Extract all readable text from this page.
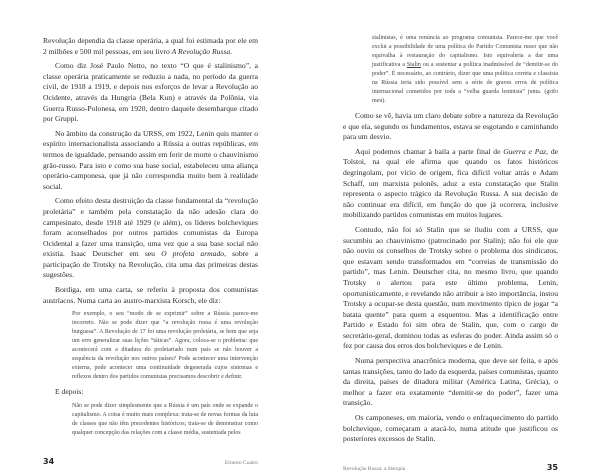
Revolução dependia da classe operária, a qual foi estimada por ele em 2 milhões e 500 mil pessoas, em seu livro A Revolução Russa.

Como diz José Paulo Netto, no texto “O que é stalinismo”, a classe operária praticamente se reduziu a nada, no período da guerra civil, de 1918 a 1919, e depois nos esforços de levar a Revolução ao Ocidente, através da Hungria (Bela Kun) e através da Polônia, via Guerra Russo-Polonesa, em 1920, dentro daquele desembarque citado por Gruppi.

No âmbito da construção da URSS, em 1922, Lenin quis manter o espírito internacionalista associando a Rússia a outras repúblicas, em termos de igualdade, pensando assim em ferir de morte o chauvinismo grão-russo. Para isto e como sua base social, estabeleceu uma aliança operário-camponesa, que já não correspondia muito bem à realidade social.

Como efeito desta destruição da classe fundamental da “revolução proletária” e também pela constatação da não adesão clara do campesinato, desde 1918 até 1929 (e além), os líderes bolcheviques foram aconselhados por outros partidos comunistas da Europa Ocidental a fazer uma transição, uma vez que a sua base social não existia. Isaac Deutscher em seu O profeta armado, sobre a participação de Trotsky na Revolução, cita uma das primeiras destas sugestões.

Bordiga, em uma carta, se referiu à proposta dos comunistas austríacos. Numa carta ao austro-marxista Korsch, ele diz:

Por exemplo, o seu “modo de se exprimir” sobre a Rússia parece-me incorreto. Não se pode dizer que “a revolução russa é uma revolução burguesa”. A Revolução de 17 foi uma revolução proletária, se bem que seja um erro generalizar suas lições “táticas”. Agora, coloca-se o problema: que acontecerá com a ditadura do proletariado num país se não houver a sequência da revolução nos outros países? Pode acontecer uma intervenção externa, pode acontecer uma continuidade degenerada cujos sintomas e reflexos dentro dos partidos comunistas precisamos descobrir e definir.

E depois:

Não se pode dizer simplesmente que a Rússia é um país onde se expande o capitalismo. A coisa é muito mais complexa: trata-se de novas formas da luta de classes que não têm precedentes históricos; trata-se de demonstrar como qualquer concepção das relações com a classe média, sustentada pelos
34	Ernesto Cuairo
stalinistas, é uma renúncia ao programa comunista. Parece-me que você exclui a possibilidade de uma política do Partido Comunista russo que não equivalha à restauração do capitalismo. Isto equivaleria a dar uma justificativa a Stalin ou a sustentar a política inadmissível de “demitir-se do poder”. É necessário, ao contrário, dizer que uma política correta e classista na Rússia teria sido possível sem a série de graves erros de política internacional cometidos por toda a “velha guarda leninista” junta. (grifo meu).

Como se vê, havia um claro debate sobre a natureza da Revolução e que ela, segundo os fundamentos, estava se esgotando e caminhando para um desvio.

Aqui podemos chamar à baila a parte final de Guerra e Paz, de Tolstoi, na qual ele afirma que quando os fatos históricos degringolam, por vício de origem, fica difícil voltar atrás e Adam Schaff, um marxista polonês, aduz a esta constatação que Stalin representa o aspecto trágico da Revolução Russa. A sua decisão de não continuar era difícil, em função do que já ocorrera, inclusive mobilizando partidos comunistas em muitos lugares.

Contudo, não foi só Stalin que se iludiu com a URSS, que sucumbiu ao chauvinismo (patrocinado por Stalin); não foi ele que não ouviu os conselhos de Trotsky sobre o problema dos sindicatos, que estavam sendo transformados em “correias de transmissão do partido”, mas Lenin. Deutscher cita, no mesmo livro, que quando Trotsky o alertou para este último problema, Lenin, oportunisticamente, e revelando não atribuir a isto importância, instou Trotsky a ocupar-se desta questão, num movimento típico de jogar “a batata quente” para quem a esquentou. Mas a identificação entre Partido e Estado foi sim obra de Stalin, que, com o cargo de secretário-geral, dominou todas as esferas do poder. Ainda assim só o fez por causa dos erros dos bolcheviques e de Lenin.

Numa perspectiva anacrônica moderna, que deve ser feita, e após tantas transições, tanto do lado da esquerda, países comunistas, quanto da direita, países de ditadura militar (América Latina, Grécia), o melhor a fazer era exatamente “demitir-se do poder”, fazer uma transição.

Os camponeses, em maioria, vendo o enfraquecimento do partido bolchevique, começaram a atacá-lo, numa atitude que justificou os posteriores excessos de Stalin.

Revolução Russa: a distopia	35
